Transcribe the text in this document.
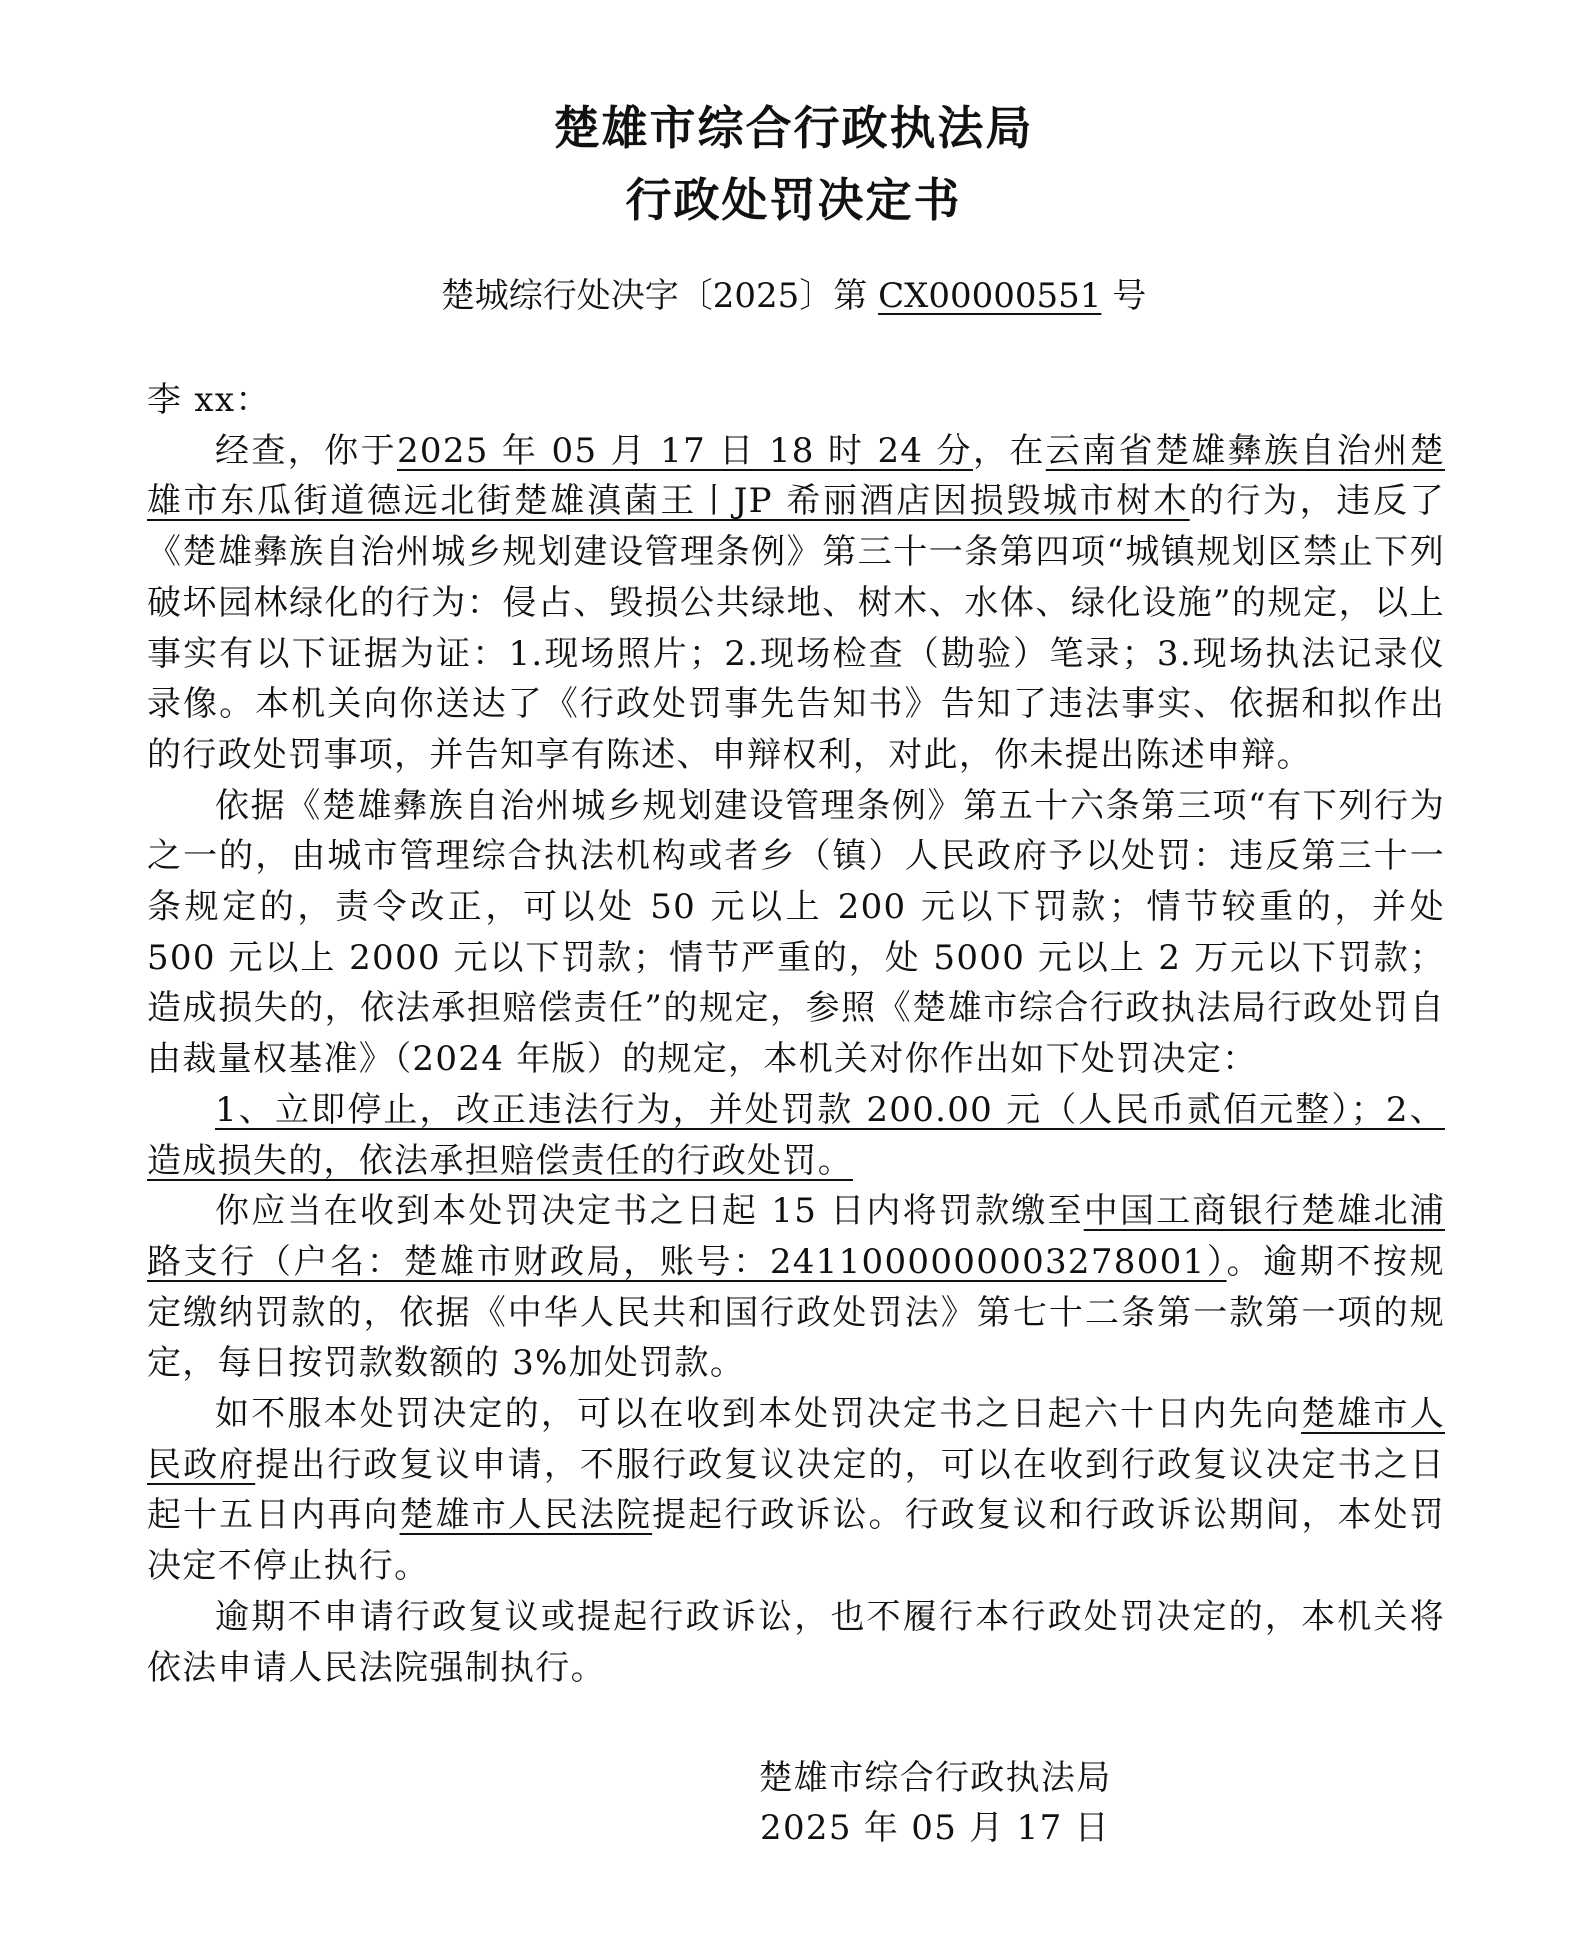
楚雄市综合行政执法局
行政处罚决定书
楚城综行处决字〔2025〕第 CX00000551 号

李 xx：

经查，你于2025 年 05 月 17 日 18 时 24 分，在云南省楚雄彝族自治州楚雄市东瓜街道德远北街楚雄滇菌王丨JP 希丽酒店因损毁城市树木的行为，违反了《楚雄彝族自治州城乡规划建设管理条例》第三十一条第四项“城镇规划区禁止下列破坏园林绿化的行为：侵占、毁损公共绿地、树木、水体、绿化设施”的规定，以上事实有以下证据为证：1.现场照片；2.现场检查（勘验）笔录；3.现场执法记录仪录像。本机关向你送达了《行政处罚事先告知书》告知了违法事实、依据和拟作出的行政处罚事项，并告知享有陈述、申辩权利，对此，你未提出陈述申辩。

依据《楚雄彝族自治州城乡规划建设管理条例》第五十六条第三项“有下列行为之一的，由城市管理综合执法机构或者乡（镇）人民政府予以处罚：违反第三十一条规定的，责令改正，可以处 50 元以上 200 元以下罚款；情节较重的，并处 500 元以上 2000 元以下罚款；情节严重的，处 5000 元以上 2 万元以下罚款；造成损失的，依法承担赔偿责任”的规定，参照《楚雄市综合行政执法局行政处罚自由裁量权基准》（2024 年版）的规定，本机关对你作出如下处罚决定：

1、立即停止，改正违法行为，并处罚款 200.00 元（人民币贰佰元整）；2、造成损失的，依法承担赔偿责任的行政处罚。

你应当在收到本处罚决定书之日起 15 日内将罚款缴至中国工商银行楚雄北浦路支行（户名：楚雄市财政局，账号：2411000000003278001）。逾期不按规定缴纳罚款的，依据《中华人民共和国行政处罚法》第七十二条第一款第一项的规定，每日按罚款数额的 3%加处罚款。

如不服本处罚决定的，可以在收到本处罚决定书之日起六十日内先向楚雄市人民政府提出行政复议申请，不服行政复议决定的，可以在收到行政复议决定书之日起十五日内再向楚雄市人民法院提起行政诉讼。行政复议和行政诉讼期间，本处罚决定不停止执行。

逾期不申请行政复议或提起行政诉讼，也不履行本行政处罚决定的，本机关将依法申请人民法院强制执行。

楚雄市综合行政执法局
2025 年 05 月 17 日
